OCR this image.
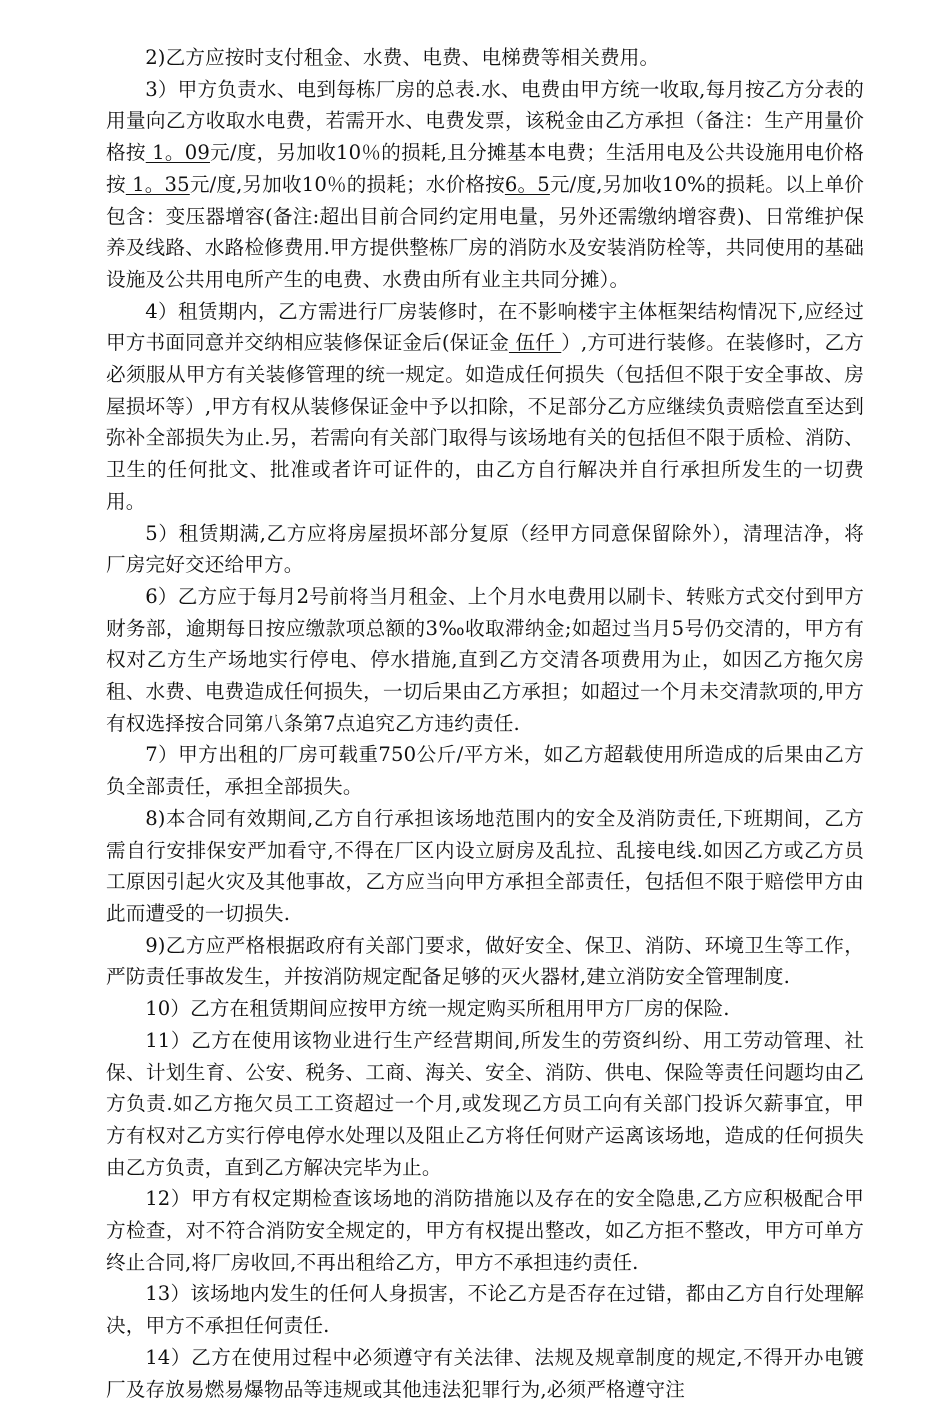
2)乙方应按时支付租金、水费、电费、电梯费等相关费用。

3）甲方负责水、电到每栋厂房的总表.水、电费由甲方统一收取,每月按乙方分表的用量向乙方收取水电费，若需开水、电费发票，该税金由乙方承担（备注：生产用量价格按 1。09元/度，另加收10％的损耗,且分摊基本电费；生活用电及公共设施用电价格按 1。35元/度,另加收10％的损耗；水价格按6。5元/度,另加收10%的损耗。以上单价包含：变压器增容(备注:超出目前合同约定用电量，另外还需缴纳增容费)、日常维护保养及线路、水路检修费用.甲方提供整栋厂房的消防水及安装消防栓等，共同使用的基础设施及公共用电所产生的电费、水费由所有业主共同分摊）。

4）租赁期内，乙方需进行厂房装修时，在不影响楼宇主体框架结构情况下,应经过甲方书面同意并交纳相应装修保证金后(保证金 伍仟 ）,方可进行装修。在装修时，乙方必须服从甲方有关装修管理的统一规定。如造成任何损失（包括但不限于安全事故、房屋损坏等）,甲方有权从装修保证金中予以扣除，不足部分乙方应继续负责赔偿直至达到弥补全部损失为止.另，若需向有关部门取得与该场地有关的包括但不限于质检、消防、卫生的任何批文、批准或者许可证件的，由乙方自行解决并自行承担所发生的一切费用。

5）租赁期满,乙方应将房屋损坏部分复原（经甲方同意保留除外），清理洁净，将厂房完好交还给甲方。

6）乙方应于每月2号前将当月租金、上个月水电费用以刷卡、转账方式交付到甲方财务部，逾期每日按应缴款项总额的3‰收取滞纳金;如超过当月5号仍交清的，甲方有权对乙方生产场地实行停电、停水措施,直到乙方交清各项费用为止，如因乙方拖欠房租、水费、电费造成任何损失，一切后果由乙方承担；如超过一个月未交清款项的,甲方有权选择按合同第八条第7点追究乙方违约责任.

7）甲方出租的厂房可载重750公斤/平方米，如乙方超载使用所造成的后果由乙方负全部责任，承担全部损失。

8)本合同有效期间,乙方自行承担该场地范围内的安全及消防责任,下班期间，乙方需自行安排保安严加看守,不得在厂区内设立厨房及乱拉、乱接电线.如因乙方或乙方员工原因引起火灾及其他事故，乙方应当向甲方承担全部责任，包括但不限于赔偿甲方由此而遭受的一切损失.

9)乙方应严格根据政府有关部门要求，做好安全、保卫、消防、环境卫生等工作，严防责任事故发生，并按消防规定配备足够的灭火器材,建立消防安全管理制度.

10）乙方在租赁期间应按甲方统一规定购买所租用甲方厂房的保险.

11）乙方在使用该物业进行生产经营期间,所发生的劳资纠纷、用工劳动管理、社保、计划生育、公安、税务、工商、海关、安全、消防、供电、保险等责任问题均由乙方负责.如乙方拖欠员工工资超过一个月,或发现乙方员工向有关部门投诉欠薪事宜，甲方有权对乙方实行停电停水处理以及阻止乙方将任何财产运离该场地，造成的任何损失由乙方负责，直到乙方解决完毕为止。

12）甲方有权定期检查该场地的消防措施以及存在的安全隐患,乙方应积极配合甲方检查，对不符合消防安全规定的，甲方有权提出整改，如乙方拒不整改，甲方可单方终止合同,将厂房收回,不再出租给乙方，甲方不承担违约责任.

13）该场地内发生的任何人身损害，不论乙方是否存在过错，都由乙方自行处理解决，甲方不承担任何责任.

14）乙方在使用过程中必须遵守有关法律、法规及规章制度的规定,不得开办电镀厂及存放易燃易爆物品等违规或其他违法犯罪行为,必须严格遵守注
